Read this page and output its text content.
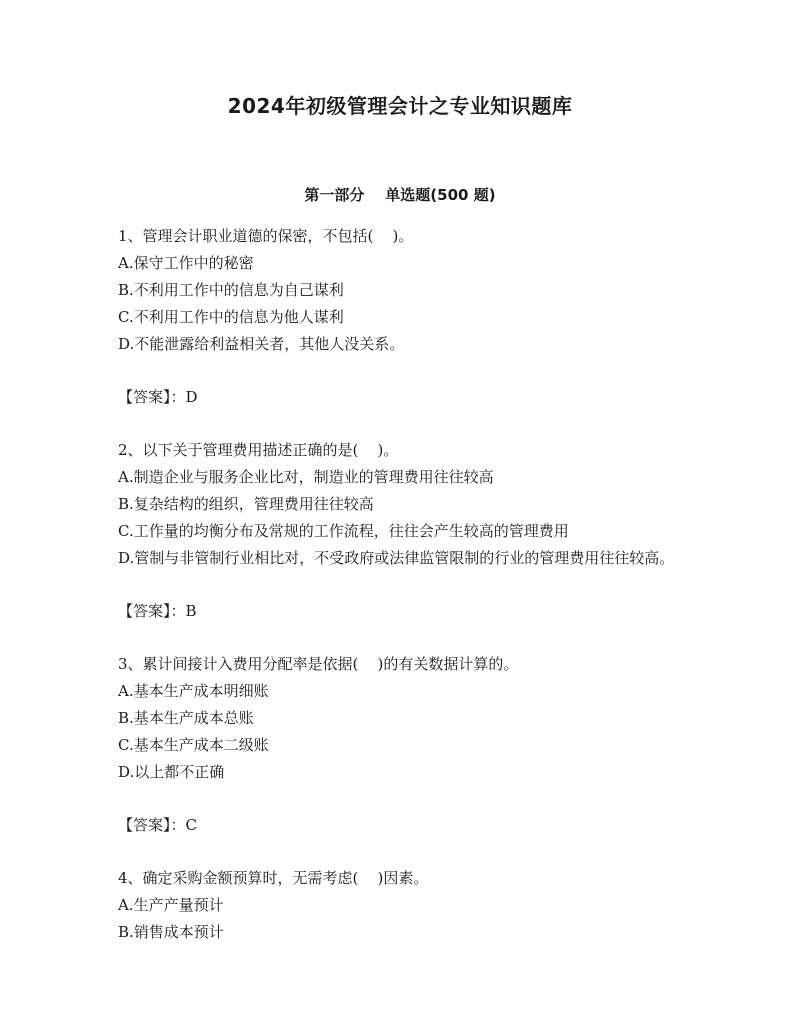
2024年初级管理会计之专业知识题库
第一部分    单选题(500 题)

1、管理会计职业道德的保密，不包括(    )。

A.保守工作中的秘密

B.不利用工作中的信息为自己谋利

C.不利用工作中的信息为他人谋利

D.不能泄露给利益相关者，其他人没关系。

【答案】：D

2、以下关于管理费用描述正确的是(    )。

A.制造企业与服务企业比对，制造业的管理费用往往较高

B.复杂结构的组织，管理费用往往较高

C.工作量的均衡分布及常规的工作流程，往往会产生较高的管理费用

D.管制与非管制行业相比对，不受政府或法律监管限制的行业的管理费用往往较高。

【答案】：B

3、累计间接计入费用分配率是依据(    )的有关数据计算的。

A.基本生产成本明细账

B.基本生产成本总账

C.基本生产成本二级账

D.以上都不正确

【答案】：C

4、确定采购金额预算时，无需考虑(    )因素。

A.生产产量预计

B.销售成本预计
